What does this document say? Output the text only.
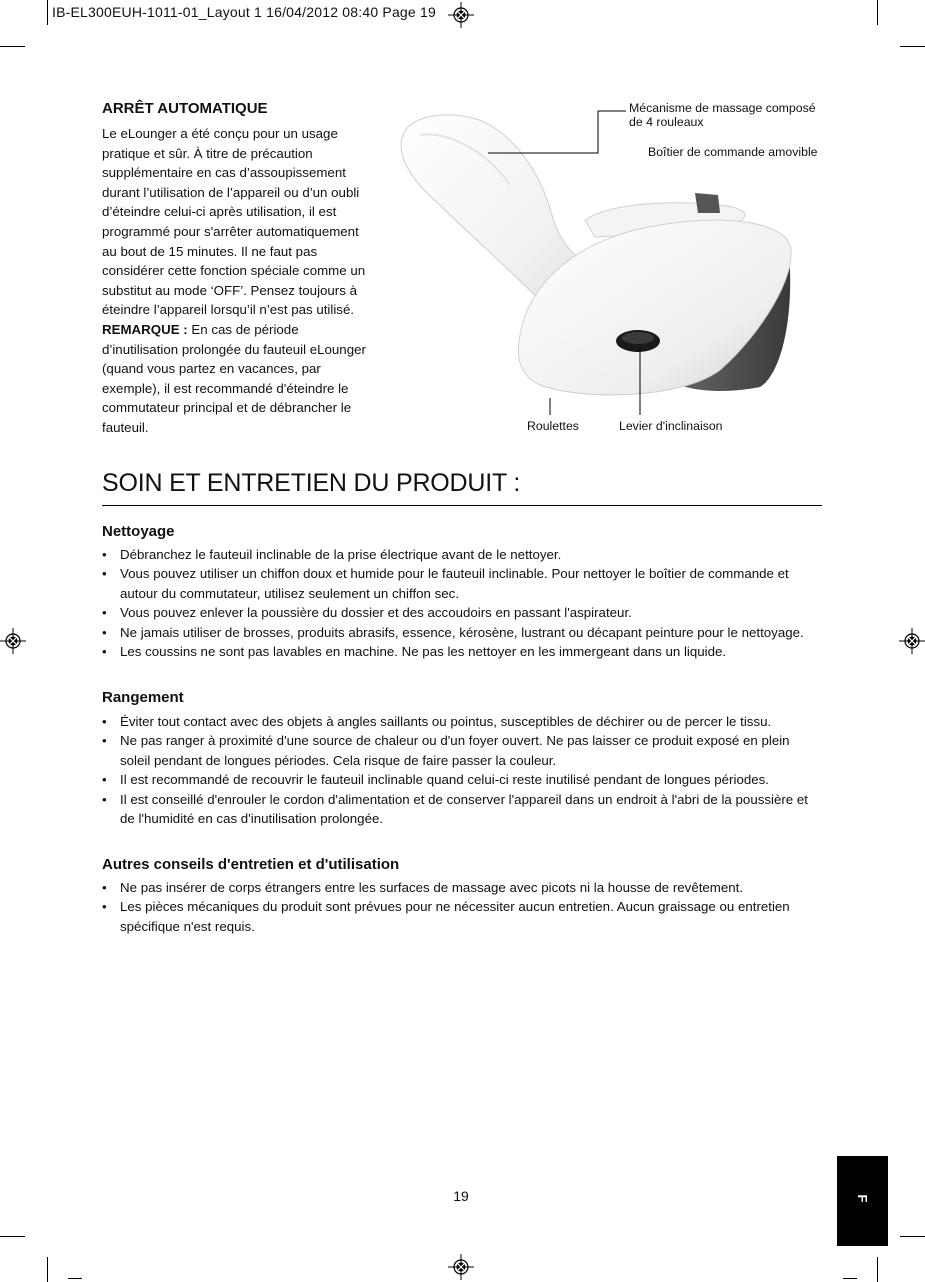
IB-EL300EUH-1011-01_Layout 1 16/04/2012 08:40 Page 19
ARRÊT AUTOMATIQUE
Le eLounger a été conçu pour un usage pratique et sûr. À titre de précaution supplémentaire en cas d’assoupissement durant l’utilisation de l’appareil ou d’un oubli d’éteindre celui-ci après utilisation, il est programmé pour s'arrêter automatiquement au bout de 15 minutes. Il ne faut pas considérer cette fonction spéciale comme un substitut au mode ‘OFF’. Pensez toujours à éteindre l’appareil lorsqu’il n’est pas utilisé.
REMARQUE : En cas de période d’inutilisation prolongée du fauteuil eLounger (quand vous partez en vacances, par exemple), il est recommandé d'éteindre le commutateur principal et de débrancher le fauteuil.
Mécanisme de massage composé
de 4 rouleaux
Boîtier de commande amovible
Roulettes	Levier d'inclinaison
SOIN ET ENTRETIEN DU PRODUIT :
Nettoyage
• Débranchez le fauteuil inclinable de la prise électrique avant de le nettoyer.
• Vous pouvez utiliser un chiffon doux et humide pour le fauteuil inclinable. Pour nettoyer le boîtier de commande et autour du commutateur, utilisez seulement un chiffon sec.
• Vous pouvez enlever la poussière du dossier et des accoudoirs en passant l'aspirateur.
• Ne jamais utiliser de brosses, produits abrasifs, essence, kérosène, lustrant ou décapant peinture pour le nettoyage.
• Les coussins ne sont pas lavables en machine. Ne pas les nettoyer en les immergeant dans un liquide.
Rangement
• Éviter tout contact avec des objets à angles saillants ou pointus, susceptibles de déchirer ou de percer le tissu.
• Ne pas ranger à proximité d'une source de chaleur ou d'un foyer ouvert. Ne pas laisser ce produit exposé en plein soleil pendant de longues périodes. Cela risque de faire passer la couleur.
• Il est recommandé de recouvrir le fauteuil inclinable quand celui-ci reste inutilisé pendant de longues périodes.
• Il est conseillé d'enrouler le cordon d'alimentation et de conserver l'appareil dans un endroit à l'abri de la poussière et de l'humidité en cas d'inutilisation prolongée.
Autres conseils d'entretien et d'utilisation
• Ne pas insérer de corps étrangers entre les surfaces de massage avec picots ni la housse de revêtement.
• Les pièces mécaniques du produit sont prévues pour ne nécessiter aucun entretien. Aucun graissage ou entretien spécifique n'est requis.
19	F
